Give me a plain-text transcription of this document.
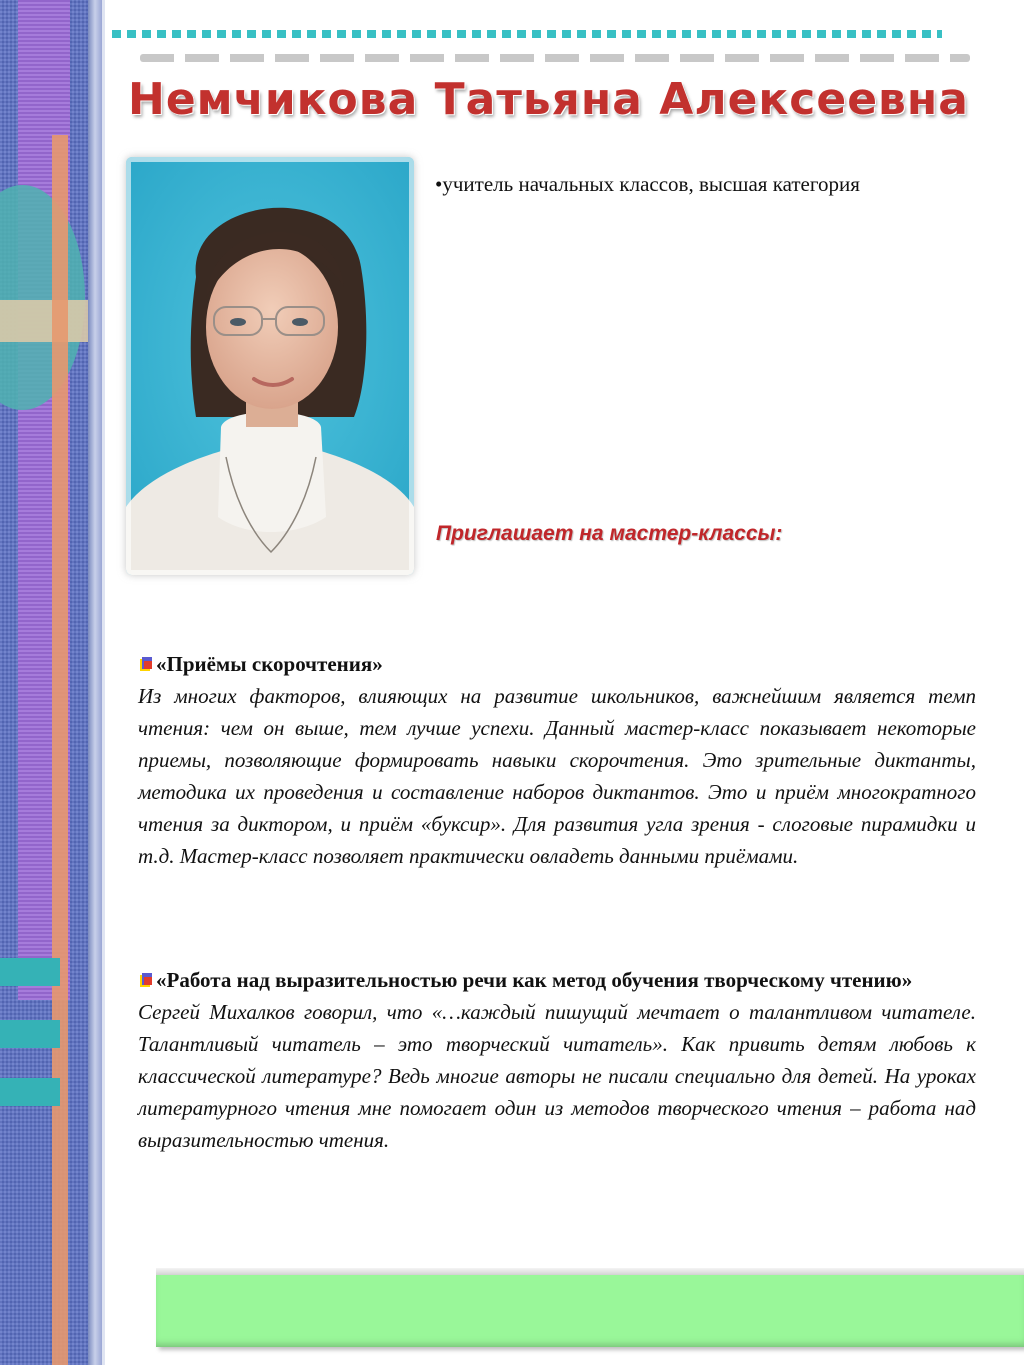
Немчикова Татьяна Алексеевна
•учитель начальных классов, высшая категория
Приглашает на мастер-классы:
«Приёмы скорочтения»
Из многих факторов, влияющих на развитие школьников, важнейшим является темп чтения: чем он выше, тем лучше успехи. Данный мастер-класс показывает некоторые приемы, позволяющие формировать навыки скорочтения. Это зрительные диктанты, методика их проведения и составление наборов диктантов. Это и приём многократного чтения за диктором, и приём «буксир». Для развития угла зрения - слоговые пирамидки и т.д. Мастер-класс позволяет практически овладеть данными приёмами.
«Работа над выразительностью речи как метод обучения творческому чтению»
Сергей Михалков говорил, что «…каждый пишущий мечтает о талантливом читателе. Талантливый читатель – это творческий читатель». Как привить детям любовь к классической литературе? Ведь многие авторы не писали специально для детей. На уроках литературного чтения мне помогает один из методов творческого чтения – работа над выразительностью чтения.
